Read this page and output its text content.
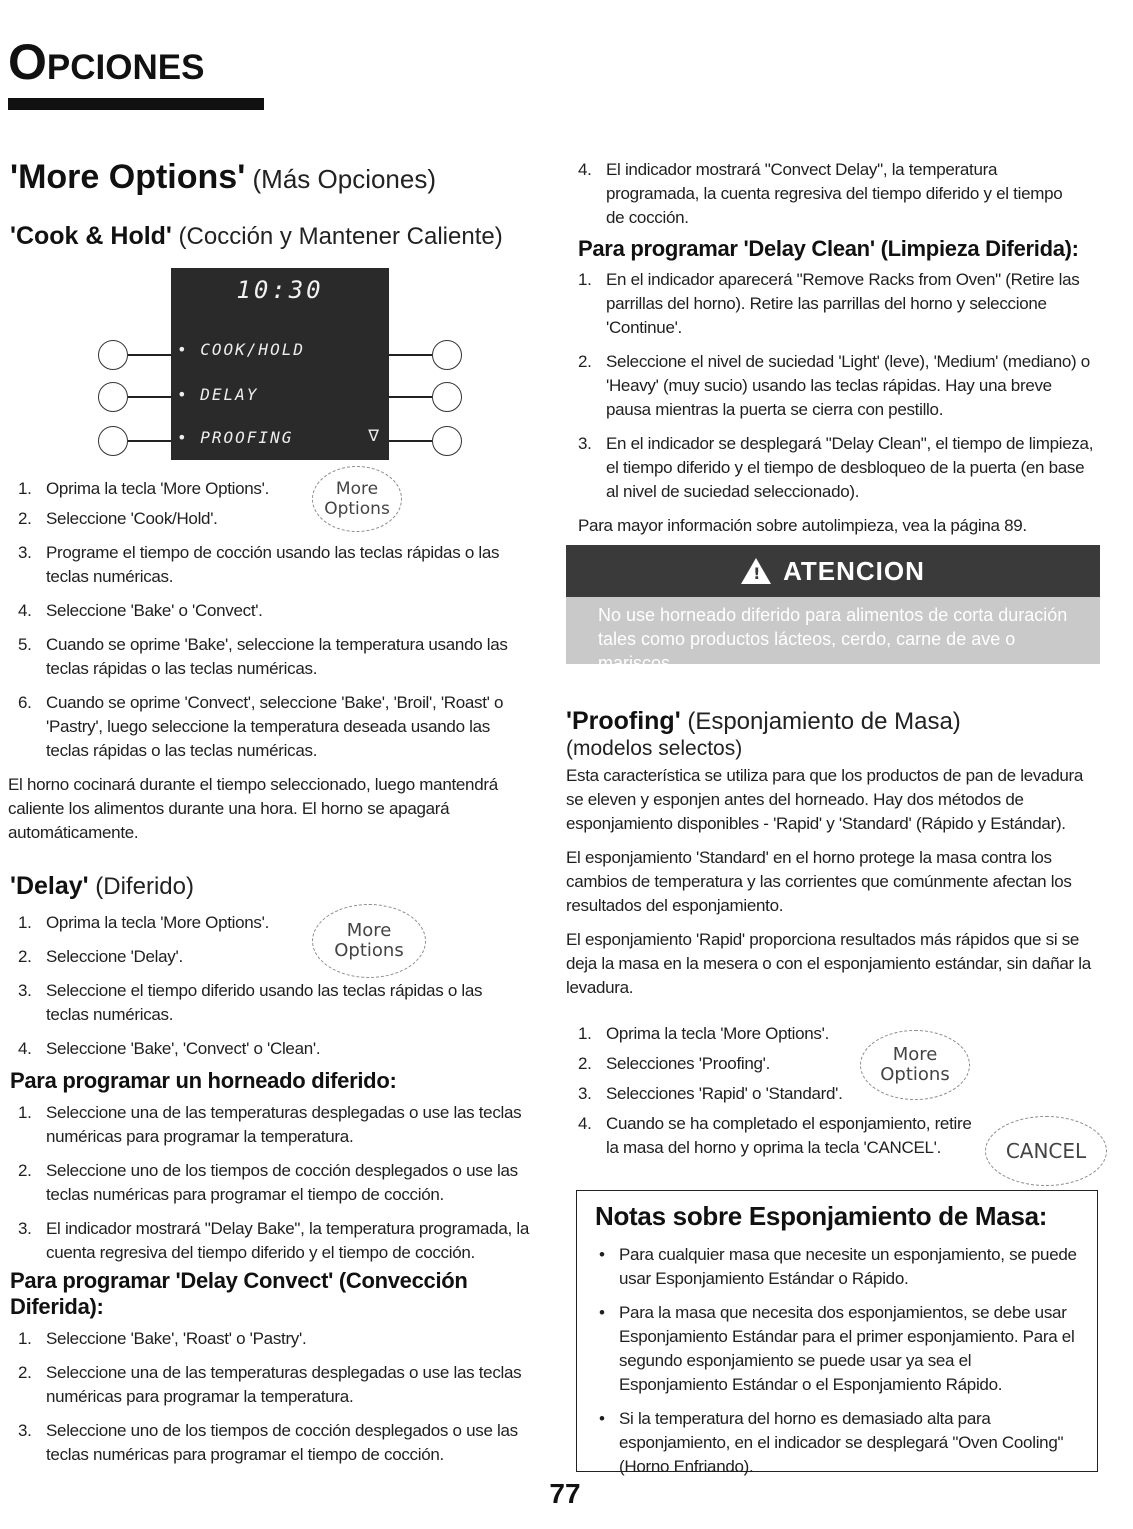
Opciones
'More Options' (Más Opciones)
'Cook & Hold' (Cocción y Mantener Caliente)
10:30
• COOK/HOLD
• DELAY
• PROOFING	∇
1. Oprima la tecla 'More Options'.
2. Seleccione 'Cook/Hold'.
3. Programe el tiempo de cocción usando las teclas rápidas o las teclas numéricas.
4. Seleccione 'Bake' o 'Convect'.
5. Cuando se oprime 'Bake', seleccione la temperatura usando las teclas rápidas o las teclas numéricas.
6. Cuando se oprime 'Convect', seleccione 'Bake', 'Broil', 'Roast' o 'Pastry', luego seleccione la temperatura deseada usando las teclas rápidas o las teclas numéricas.

El horno cocinará durante el tiempo seleccionado, luego mantendrá caliente los alimentos durante una hora. El horno se apagará automáticamente.

More
Options
'Delay' (Diferido)
1. Oprima la tecla 'More Options'.
2. Seleccione 'Delay'.
3. Seleccione el tiempo diferido usando las teclas rápidas o las teclas numéricas.
4. Seleccione 'Bake', 'Convect' o 'Clean'.
More
Options
Para programar un horneado diferido:
1. Seleccione una de las temperaturas desplegadas o use las teclas numéricas para programar la temperatura.
2. Seleccione uno de los tiempos de cocción desplegados o use las teclas numéricas para programar el tiempo de cocción.
3. El indicador mostrará "Delay Bake", la temperatura programada, la cuenta regresiva del tiempo diferido y el tiempo de cocción.
Para programar 'Delay Convect' (Convección Diferida):
1. Seleccione 'Bake', 'Roast' o 'Pastry'.
2. Seleccione una de las temperaturas desplegadas o use las teclas numéricas para programar la temperatura.
3. Seleccione uno de los tiempos de cocción desplegados o use las teclas numéricas para programar el tiempo de cocción.
4. El indicador mostrará "Convect Delay", la temperatura programada, la cuenta regresiva del tiempo diferido y el tiempo de cocción.
Para programar 'Delay Clean' (Limpieza Diferida):
1. En el indicador aparecerá "Remove Racks from Oven" (Retire las parrillas del horno). Retire las parrillas del horno y seleccione 'Continue'.
2. Seleccione el nivel de suciedad 'Light' (leve), 'Medium' (mediano) o 'Heavy' (muy sucio) usando las teclas rápidas. Hay una breve pausa mientras la puerta se cierra con pestillo.
3. En el indicador se desplegará "Delay Clean", el tiempo de limpieza, el tiempo diferido y el tiempo de desbloqueo de la puerta (en base al nivel de suciedad seleccionado).

Para mayor información sobre autolimpieza, vea la página 89.

! ATENCION

No use horneado diferido para alimentos de corta duración tales como productos lácteos, cerdo, carne de ave o mariscos.

'Proofing' (Esponjamiento de Masa)
(modelos selectos)

Esta característica se utiliza para que los productos de pan de levadura se eleven y esponjen antes del horneado. Hay dos métodos de esponjamiento disponibles - 'Rapid' y 'Standard' (Rápido y Estándar).

El esponjamiento 'Standard' en el horno protege la masa contra los cambios de temperatura y las corrientes que comúnmente afectan los resultados del esponjamiento.

El esponjamiento 'Rapid' proporciona resultados más rápidos que si se deja la masa en la mesera o con el esponjamiento estándar, sin dañar la levadura.

1. Oprima la tecla 'More Options'.
2. Selecciones 'Proofing'.
3. Selecciones 'Rapid' o 'Standard'.
4. Cuando se ha completado el esponjamiento, retire la masa del horno y oprima la tecla 'CANCEL'.
More
Options
CANCEL
Notas sobre Esponjamiento de Masa:
• Para cualquier masa que necesite un esponjamiento, se puede usar Esponjamiento Estándar o Rápido.
• Para la masa que necesita dos esponjamientos, se debe usar Esponjamiento Estándar para el primer esponjamiento. Para el segundo esponjamiento se puede usar ya sea el Esponjamiento Estándar o el Esponjamiento Rápido.
• Si la temperatura del horno es demasiado alta para esponjamiento, en el indicador se desplegará "Oven Cooling" (Horno Enfriando).
77
